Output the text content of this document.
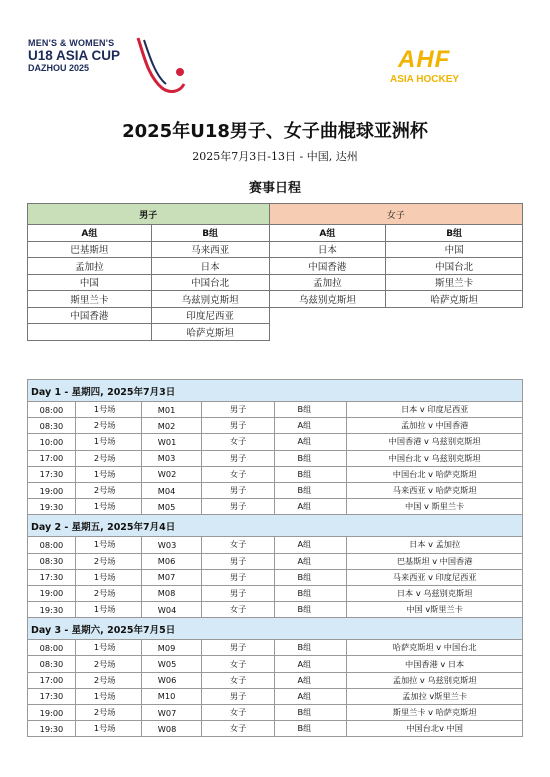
MEN'S & WOMEN'S
U18 ASIA CUP
DAZHOU 2025	AHF
ASIA HOCKEY
2025年U18男子、女子曲棍球亚洲杯
2025年7月3日-13日 - 中国, 达州
赛事日程
男子		女子	
A组	B组	A组	B组
巴基斯坦	马来西亚	日本	中国
孟加拉	日本	中国香港	中国台北
中国	中国台北	孟加拉	斯里兰卡
斯里兰卡	乌兹别克斯坦	乌兹别克斯坦	哈萨克斯坦
中国香港	印度尼西亚		
	哈萨克斯坦		
Day 1 - 星期四, 2025年7月3日					
08:00	1号场	M01	男子	B组	日本 v 印度尼西亚
08:30	2号场	M02	男子	A组	孟加拉 v 中国香港
10:00	1号场	W01	女子	A组	中国香港 v 乌兹别克斯坦
17:00	2号场	M03	男子	B组	中国台北 v 乌兹别克斯坦
17:30	1号场	W02	女子	B组	中国台北 v 哈萨克斯坦
19:00	2号场	M04	男子	B组	马来西亚 v 哈萨克斯坦
19:30	1号场	M05	男子	A组	中国 v 斯里兰卡
Day 2 - 星期五, 2025年7月4日					
08:00	1号场	W03	女子	A组	日本 v 孟加拉
08:30	2号场	M06	男子	A组	巴基斯坦 v 中国香港
17:30	1号场	M07	男子	B组	马来西亚 v 印度尼西亚
19:00	2号场	M08	男子	B组	日本 v 乌兹别克斯坦
19:30	1号场	W04	女子	B组	中国 v斯里兰卡
Day 3 - 星期六, 2025年7月5日					
08:00	1号场	M09	男子	B组	哈萨克斯坦 v 中国台北
08:30	2号场	W05	女子	A组	中国香港 v 日本
17:00	2号场	W06	女子	A组	孟加拉 v 乌兹别克斯坦
17:30	1号场	M10	男子	A组	孟加拉 v斯里兰卡
19:00	2号场	W07	女子	B组	斯里兰卡 v 哈萨克斯坦
19:30	1号场	W08	女子	B组	中国台北v 中国
